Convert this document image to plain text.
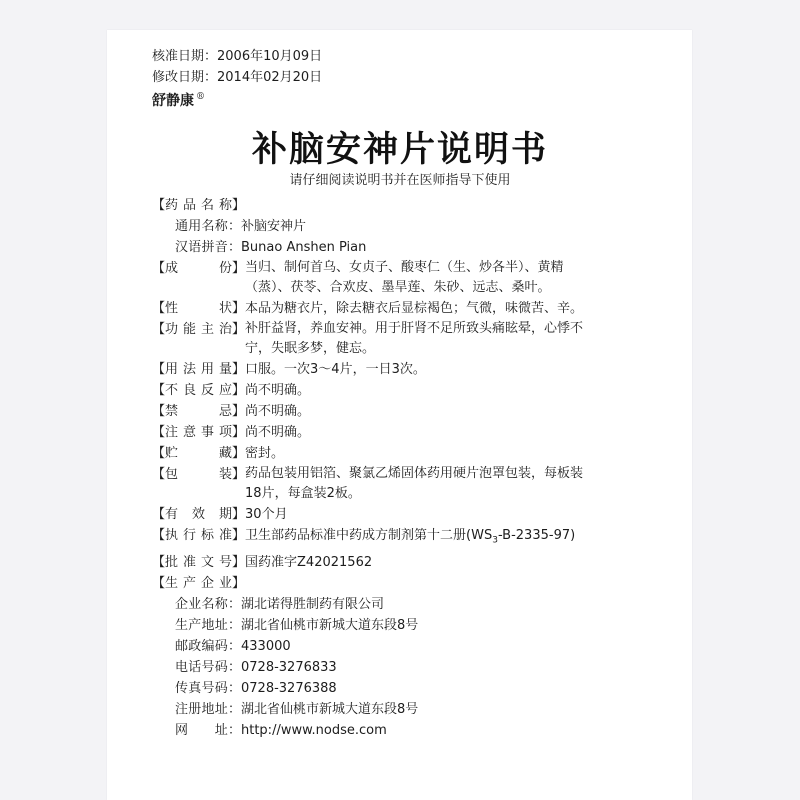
核准日期：2006年10月09日
修改日期：2014年02月20日
舒静康 ®
补脑安神片说明书
请仔细阅读说明书并在医师指导下使用
【 药品名称 】
通用名称： 补脑安神片
汉语拼音： Bunao Anshen Pian
【 成　份 】 当归、制何首乌、女贞子、酸枣仁（生、炒各半）、黄精（蒸）、茯苓、合欢皮、墨旱莲、朱砂、远志、桑叶。
【 性　状 】 本品为糖衣片，除去糖衣后显棕褐色；气微，味微苦、辛。
【 功能主治 】 补肝益肾，养血安神。用于肝肾不足所致头痛眩晕，心悸不宁，失眠多梦，健忘。
【 用法用量 】 口服。一次3～4片，一日3次。
【 不良反应 】 尚不明确。
【 禁　忌 】 尚不明确。
【 注意事项 】 尚不明确。
【 贮　藏 】 密封。
【 包　装 】 药品包装用铝箔、聚氯乙烯固体药用硬片泡罩包装，每板装18片，每盒装2板。
【 有 效 期 】 30个月
【 执行标准 】 卫生部药品标准中药成方制剂第十二册$(WS_3-B-2335-97)$
【 批准文号 】 国药准字Z42021562
【 生产企业 】
企业名称： 湖北诺得胜制药有限公司
生产地址： 湖北省仙桃市新城大道东段8号
邮政编码： 433000
电话号码： 0728-3276833
传真号码： 0728-3276388
注册地址： 湖北省仙桃市新城大道东段8号
网　　址： http://www.nodse.com
